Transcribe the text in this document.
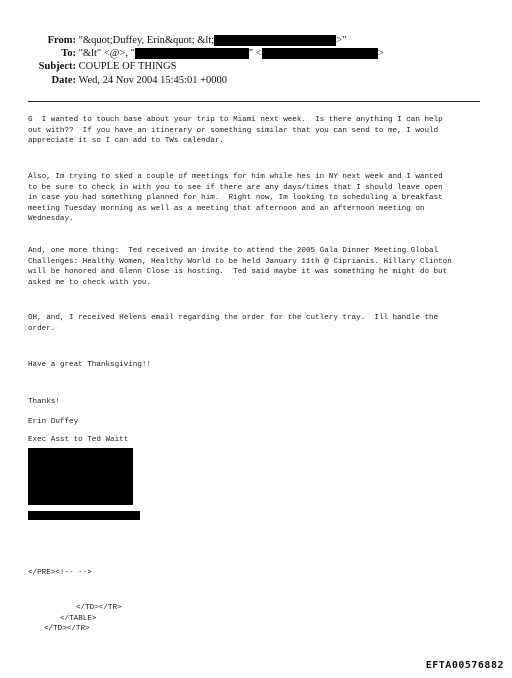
From: "&quot;Duffey, Erin&quot; &lt;	>"
To: "&lt" <@>, "	" <	>
Subject: COUPLE OF THINGS
Date: Wed, 24 Nov 2004 15:45:01 +0000
G  I wanted to touch base about your trip to Miami next week.  Is there anything I can help
out with??  If you have an itinerary or something similar that you can send to me, I would
appreciate it so I can add to TWs calendar.
Also, Im trying to sked a couple of meetings for him while hes in NY next week and I wanted
to be sure to check in with you to see if there are any days/times that I should leave open
in case you had something planned for him.  Right now, Im looking to scheduling a breakfast
meeting Tuesday morning as well as a meeting that afternoon and an afternoon meeting on
Wednesday.
And, one more thing:  Ted received an invite to attend the 2005 Gala Dinner Meeting Global
Challenges: Healthy Women, Healthy World to be held January 11th @ Ciprianis. Hillary Clinton
will be honored and Glenn Close is hosting.  Ted said maybe it was something he might do but
asked me to check with you.
OH, and, I received Helens email regarding the order for the cutlery tray.  Ill handle the
order.
Have a great Thanksgiving!!
Thanks!
Erin Duffey
Exec Asst to Ted Waitt
</PRE><!-- -->
</TD></TR>
</TABLE>
</TD></TR>
EFTA00576882
